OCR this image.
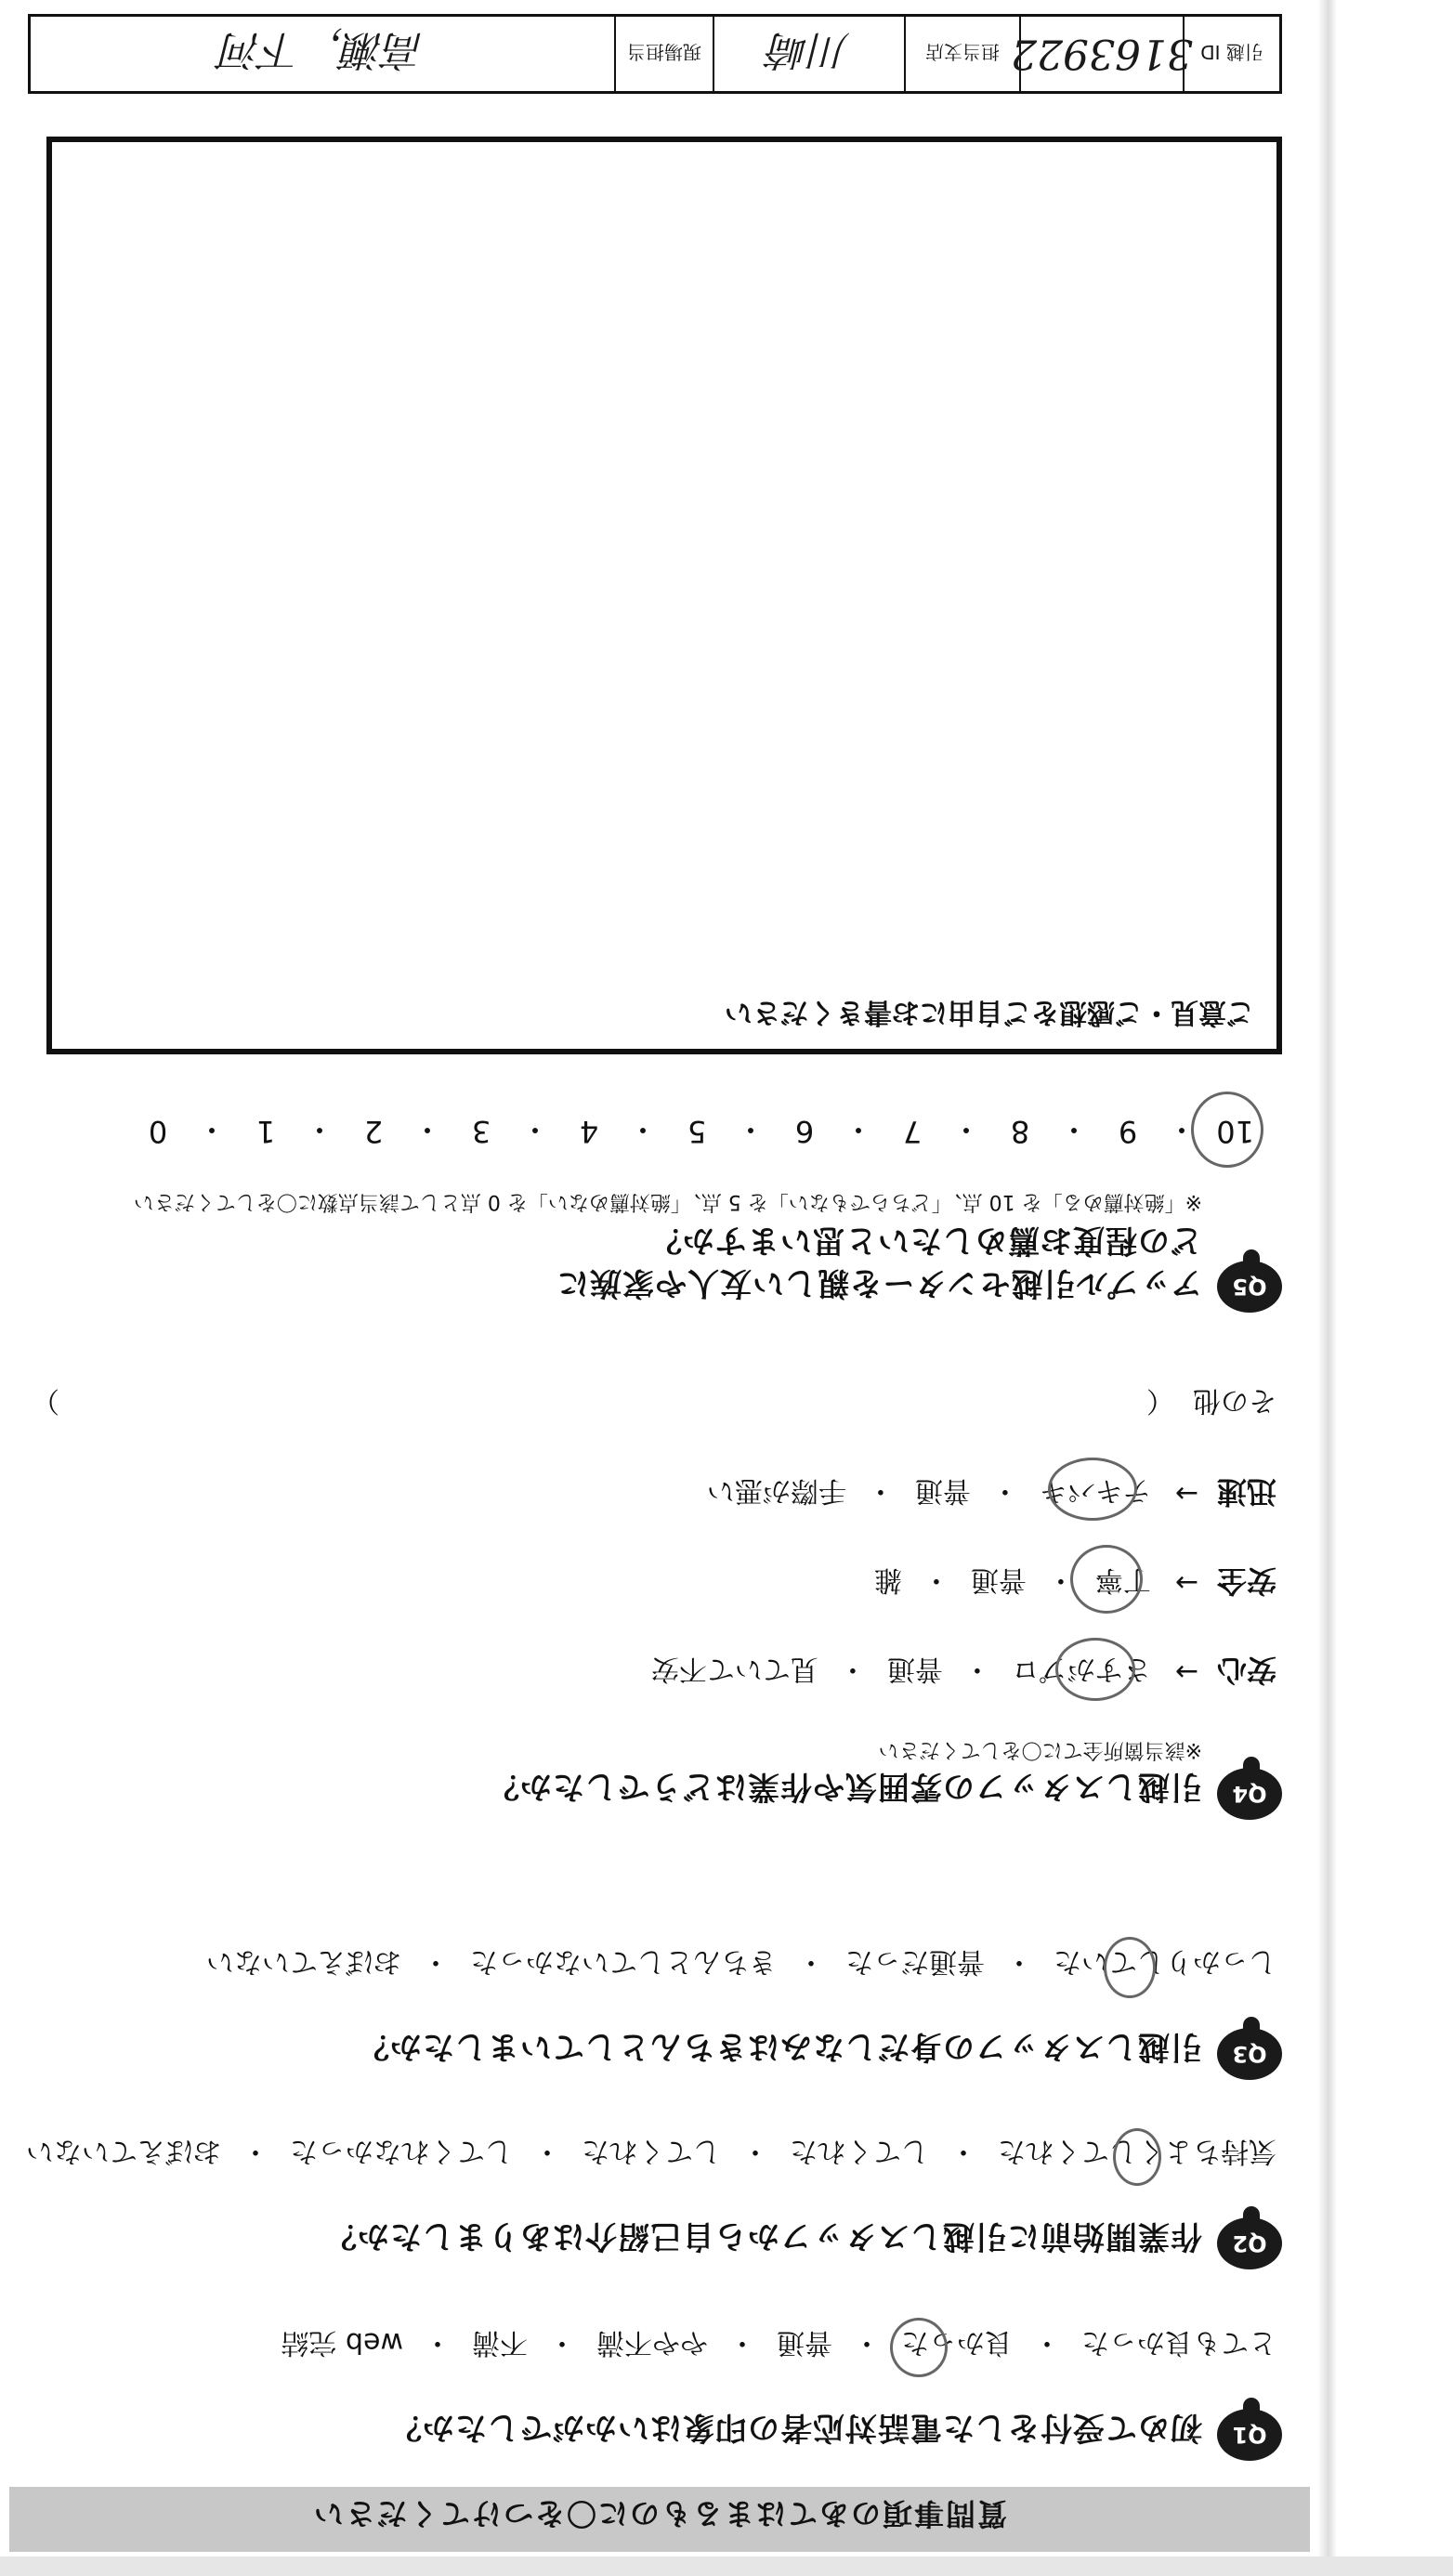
質問事項のあてはまるものに〇をつけてください
Q1
初めて受付をした電話対応者の印象はいかがでしたか？
とても良かった
・
良かった
・
普通
・
やや不満
・
不満
・
web 完結
Q2
作業開始前に引越しスタッフから自己紹介はありましたか？
気持ちよくしてくれた
・
してくれた
・
してくれた
・
してくれなかった
・
おぼえていない
Q3
引越しスタッフの身だしなみはきちんとしていましたか？
しっかりしていた
・
普通だった
・
きちんとしていなかった
・
おぼえていない
Q4
引越しスタッフの雰囲気や作業はどうでしたか？
※該当箇所全てに〇をしてください
安心
→
さすがプロ
・
普通
・
見ていて不安
安全
→
丁寧
・
普通
・
雑
迅速
→
テキパキ
・
普通
・
手際が悪い
その他
（
）
Q5
アップル引越センターを親しい友人や家族に
どの程度お薦めしたいと思いますか？
※「絶対薦める」を 10 点、「どちらでもない」を 5 点、「絶対薦めない」を 0 点として該当点数に〇をしてください
10
・
9
・
8
・
7
・
6
・
5
・
4
・
3
・
2
・
1
・
0
ご意見・ご感想をご自由にお書きください
引越 ID
3163922
担当支店
川崎
現場担当
高瀬，下河
